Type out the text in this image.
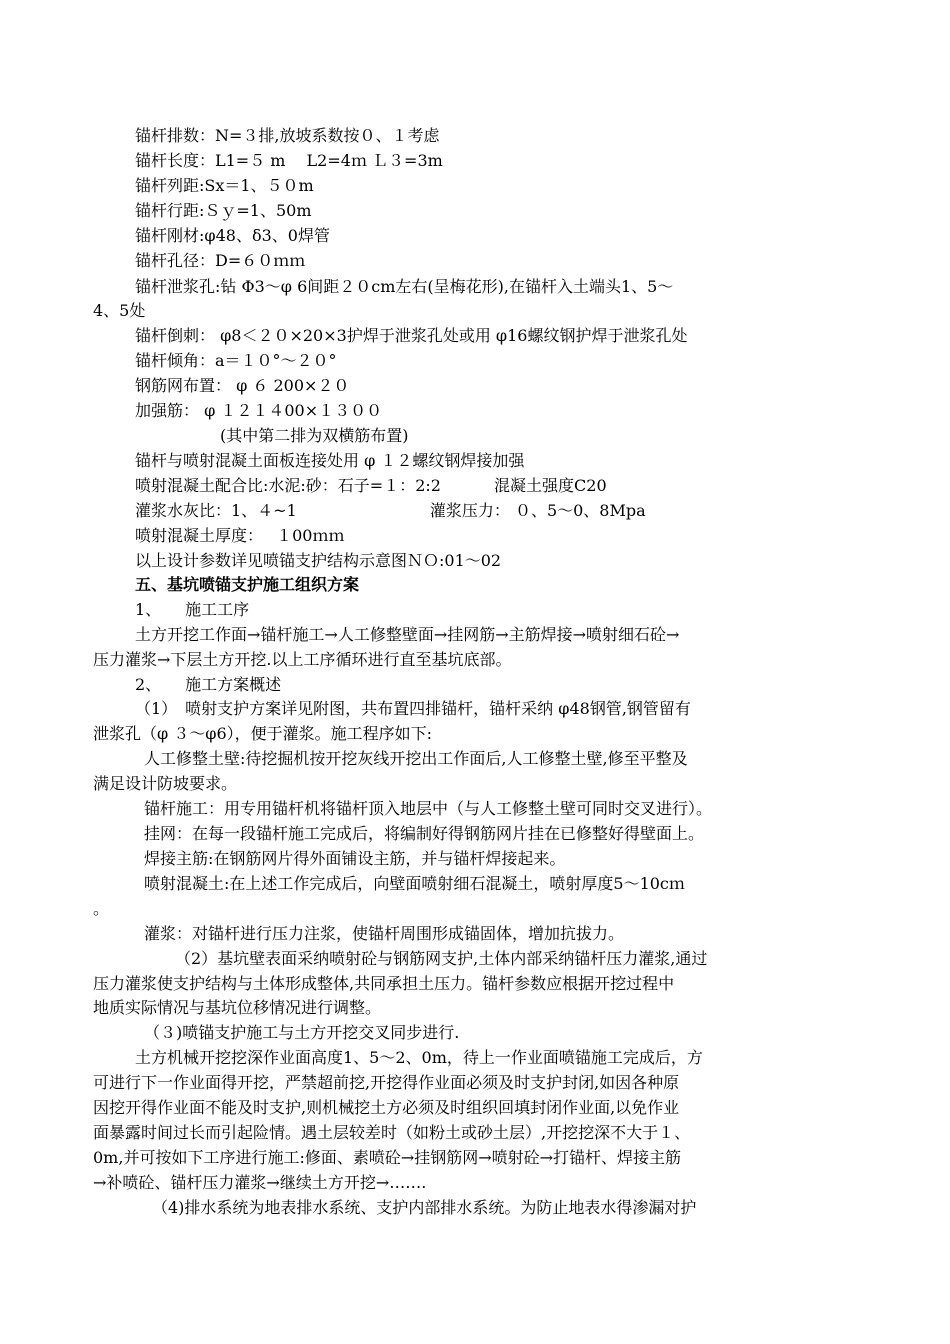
锚杆排数：N=３排,放坡系数按０、１考虑
锚杆长度：L1=５ m　 L2=4ｍ Ｌ３=3m
锚杆列距:Sx＝1、５０m
锚杆行距:Ｓｙ=1、50m
锚杆刚材:φ48、δ3、0焊管
锚杆孔径：D=６０ｍｍ
锚杆泄浆孔:钻 Φ3～φ 6间距２０cm左右(呈梅花形),在锚杆入土端头1、5～
4、5处
锚杆倒刺： φ8＜２０×20×3护焊于泄浆孔处或用 φ16螺纹钢护焊于泄浆孔处
锚杆倾角：a＝１０°～２０°
钢筋网布置： φ ６ 200×２０
加强筋： φ １２１４00×１３００
(其中第二排为双横筋布置)
锚杆与喷射混凝土面板连接处用 φ １２螺纹钢焊接加强
喷射混凝土配合比:水泥:砂：石子=１：2:2　　　 混凝土强度C20
灌浆水灰比：1、４~1　　　　　　　　 灌浆压力： ０、5～0、8Mpa
喷射混凝土厚度：　 １00ｍｍ
以上设计参数详见喷锚支护结构示意图ＮＯ:01～02
五、基坑喷锚支护施工组织方案
1、　　施工工序
土方开挖工作面→锚杆施工→人工修整壁面→挂网筋→主筋焊接→喷射细石砼→
压力灌浆→下层土方开挖.以上工序循环进行直至基坑底部。
2、　　施工方案概述
（1）　喷射支护方案详见附图，共布置四排锚杆，锚杆采纳 φ48钢管,钢管留有
泄浆孔（φ ３～φ6），便于灌浆。施工程序如下:
人工修整土壁:待挖掘机按开挖灰线开挖出工作面后,人工修整土壁,修至平整及
满足设计防坡要求。
锚杆施工：用专用锚杆机将锚杆顶入地层中（与人工修整土壁可同时交叉进行）。
挂网：在每一段锚杆施工完成后，将编制好得钢筋网片挂在已修整好得壁面上。
焊接主筋:在钢筋网片得外面铺设主筋，并与锚杆焊接起来。
喷射混凝土:在上述工作完成后，向壁面喷射细石混凝土，喷射厚度5～10cｍ
。
灌浆：对锚杆进行压力注浆，使锚杆周围形成锚固体，增加抗拔力。
（2）基坑壁表面采纳喷射砼与钢筋网支护,土体内部采纳锚杆压力灌浆,通过
压力灌浆使支护结构与土体形成整体,共同承担土压力。锚杆参数应根据开挖过程中
地质实际情况与基坑位移情况进行调整。
（３)喷锚支护施工与土方开挖交叉同步进行.
土方机械开挖挖深作业面高度1、5～2、0m，待上一作业面喷锚施工完成后，方
可进行下一作业面得开挖，严禁超前挖,开挖得作业面必须及时支护封闭,如因各种原
因挖开得作业面不能及时支护,则机械挖土方必须及时组织回填封闭作业面,以免作业
面暴露时间过长而引起险情。遇土层较差时（如粉土或砂土层）,开挖挖深不大于１、
0m,并可按如下工序进行施工:修面、素喷砼→挂钢筋网→喷射砼→打锚杆、焊接主筋
→补喷砼、锚杆压力灌浆→继续土方开挖→…….
（4)排水系统为地表排水系统、支护内部排水系统。为防止地表水得渗漏对护
